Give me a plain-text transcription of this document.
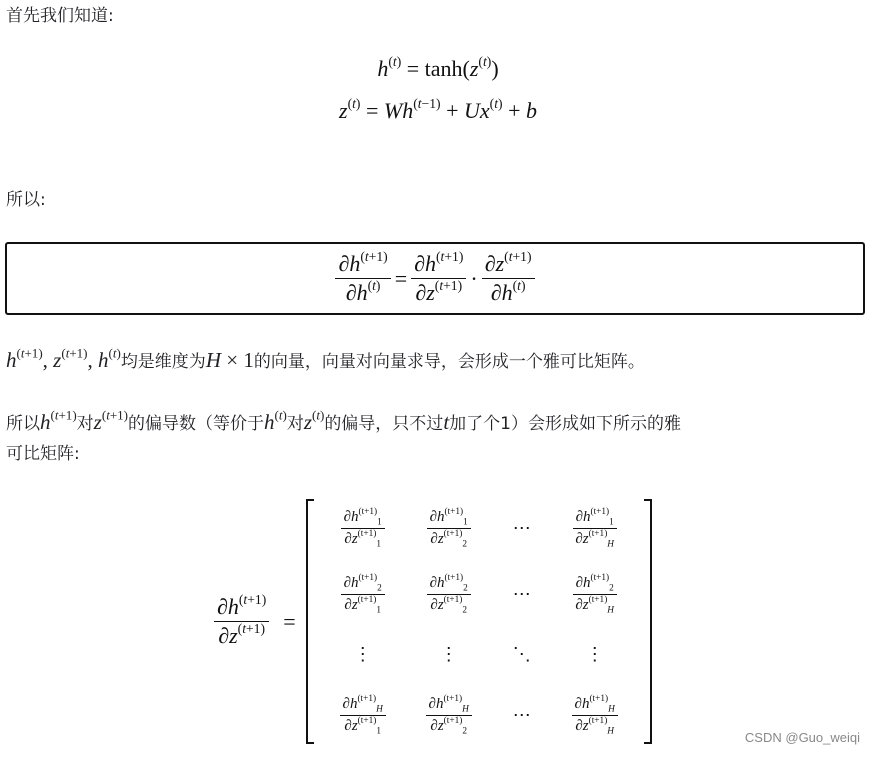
首先我们知道:
$h^{(t)} = \tanh(z^{(t)})$
$z^{(t)} = Wh^{(t-1)} + Ux^{(t)} + b$
所以:
$\frac{\partial h^{(t+1)}}{\partial h^{(t)}} = \frac{\partial h^{(t+1)}}{\partial z^{(t+1)}} \cdot \frac{\partial z^{(t+1)}}{\partial h^{(t)}}$
$h^{(t+1)}$, $z^{(t+1)}$, $h^{(t)}$均是维度为H × 1的向量，向量对向量求导，会形成一个雅可比矩阵。
所以$h^{(t+1)}$对$z^{(t+1)}$的偏导数（等价于$h^{(t)}$对$z^{(t)}$的偏导，只不过t加了个1）会形成如下所示的雅
可比矩阵:
$\frac{\partial h^{(t+1)}}{\partial z^{(t+1)}}$ =
$\frac{\partial h^{(t+1)}_1}{\partial z^{(t+1)}_1}$	$\frac{\partial h^{(t+1)}_1}{\partial z^{(t+1)}_2}$ ⋯	$\frac{\partial h^{(t+1)}_1}{\partial z^{(t+1)}_H}$
$\frac{\partial h^{(t+1)}_2}{\partial z^{(t+1)}_1}$	$\frac{\partial h^{(t+1)}_2}{\partial z^{(t+1)}_2}$ ⋯	$\frac{\partial h^{(t+1)}_2}{\partial z^{(t+1)}_H}$
⋮	⋮	⋱	⋮
$\frac{\partial h^{(t+1)}_H}{\partial z^{(t+1)}_1}$	$\frac{\partial h^{(t+1)}_H}{\partial z^{(t+1)}_2}$ ⋯	$\frac{\partial h^{(t+1)}_H}{\partial z^{(t+1)}_H}$
CSDN @Guo_weiqi
